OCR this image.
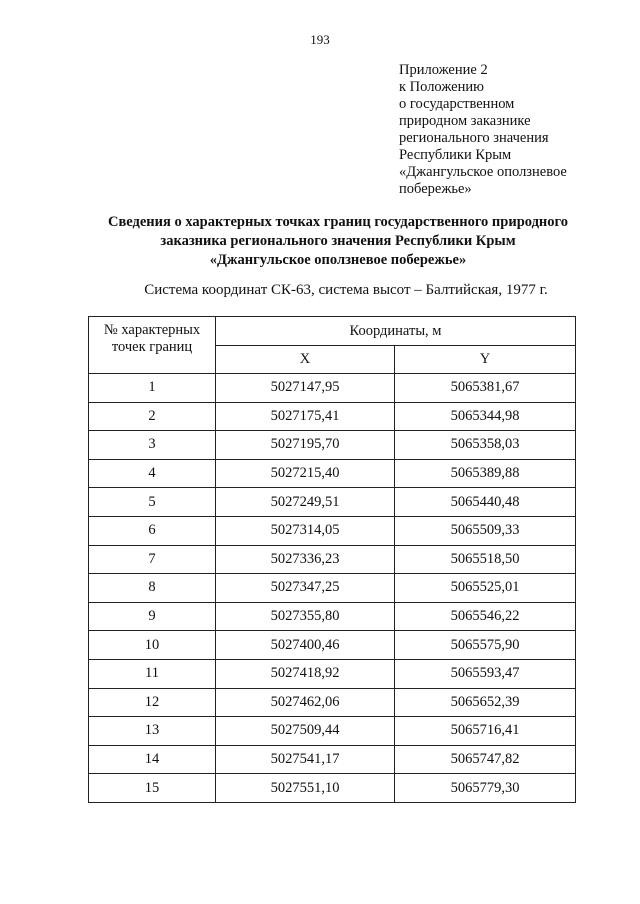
193
Приложение 2
к Положению
о государственном
природном заказнике
регионального значения
Республики Крым
«Джангульское оползневое
побережье»
Сведения о характерных точках границ государственного природного
заказника регионального значения Республики Крым
«Джангульское оползневое побережье»
Система координат СК-63, система высот – Балтийская, 1977 г.
№ характерных
точек границ	Координаты, м	
	X	Y
1	5027147,95	5065381,67
2	5027175,41	5065344,98
3	5027195,70	5065358,03
4	5027215,40	5065389,88
5	5027249,51	5065440,48
6	5027314,05	5065509,33
7	5027336,23	5065518,50
8	5027347,25	5065525,01
9	5027355,80	5065546,22
10	5027400,46	5065575,90
11	5027418,92	5065593,47
12	5027462,06	5065652,39
13	5027509,44	5065716,41
14	5027541,17	5065747,82
15	5027551,10	5065779,30
